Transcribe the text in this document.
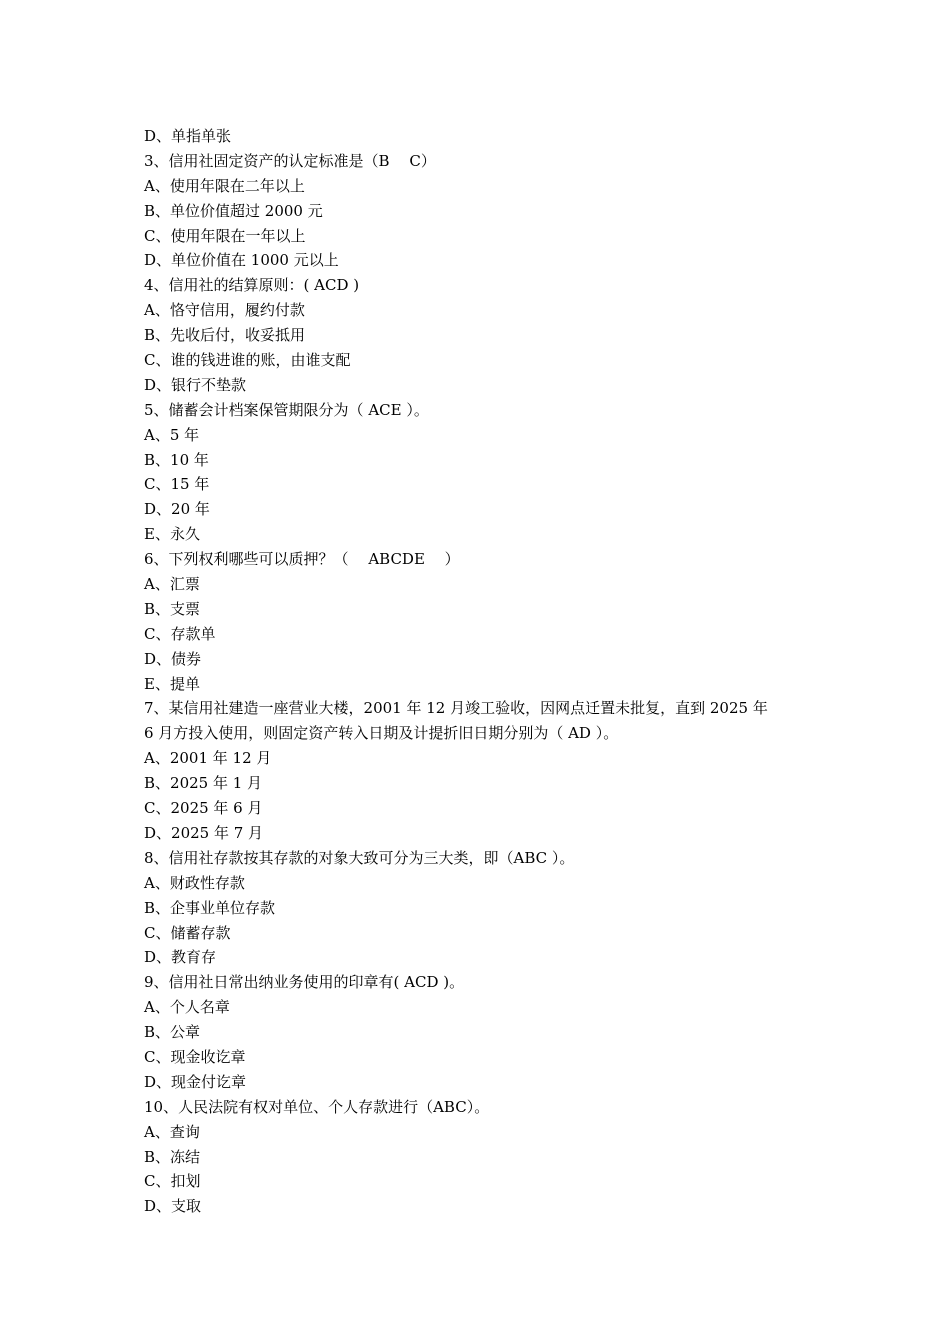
D、单指单张
3、信用社固定资产的认定标准是（B　 C）
A、使用年限在二年以上
B、单位价值超过 2000 元
C、使用年限在一年以上
D、单位价值在 1000 元以上
4、信用社的结算原则：( ACD )
A、恪守信用，履约付款
B、先收后付，收妥抵用
C、谁的钱进谁的账，由谁支配
D、银行不垫款
5、储蓄会计档案保管期限分为（ ACE ）。
A、5 年
B、10 年
C、15 年
D、20 年
E、永久
6、下列权利哪些可以质押？（　 ABCDE　 ）
A、汇票
B、支票
C、存款单
D、债券
E、提单
7、某信用社建造一座营业大楼，2001 年 12 月竣工验收，因网点迁置未批复，直到 2025 年
6 月方投入使用，则固定资产转入日期及计提折旧日期分别为（ AD ）。
A、2001 年 12 月
B、2025 年 1 月
C、2025 年 6 月
D、2025 年 7 月
8、信用社存款按其存款的对象大致可分为三大类，即（ABC ）。
A、财政性存款
B、企事业单位存款
C、储蓄存款
D、教育存
9、信用社日常出纳业务使用的印章有( ACD )。
A、个人名章
B、公章
C、现金收讫章
D、现金付讫章
10、人民法院有权对单位、个人存款进行（ABC）。
A、查询
B、冻结
C、扣划
D、支取
